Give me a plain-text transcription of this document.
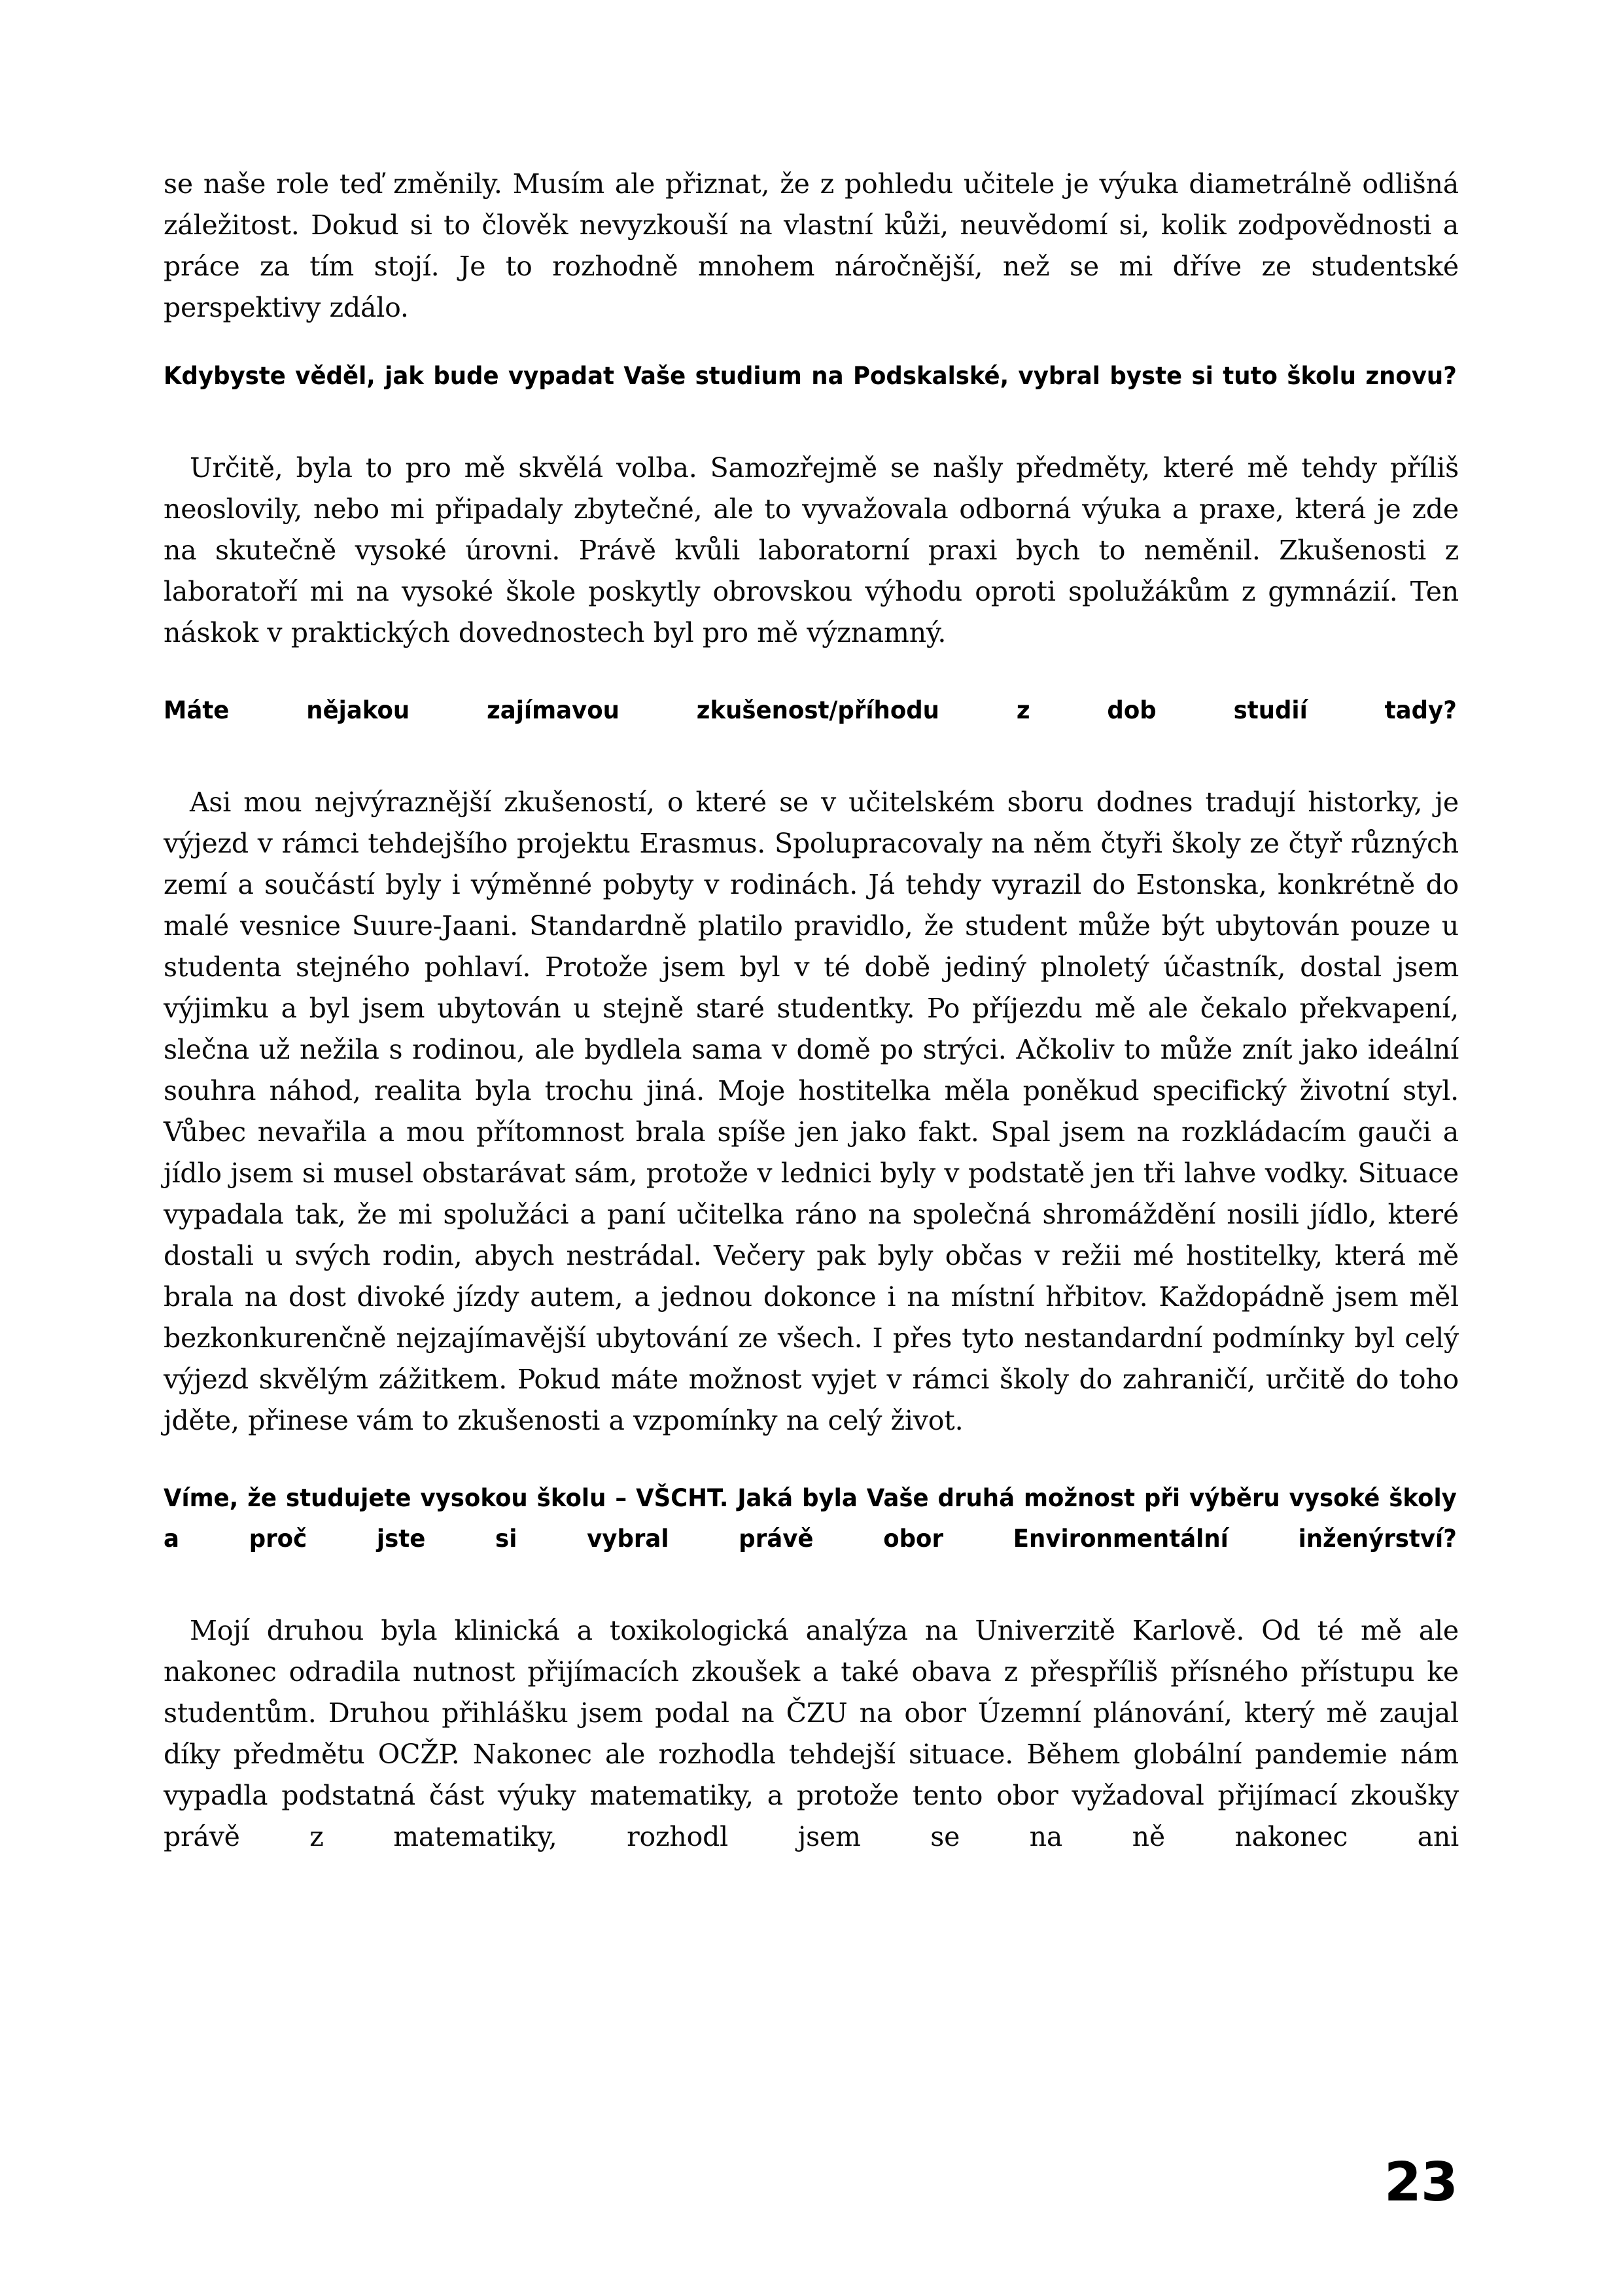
se naše role teď změnily. Musím ale přiznat, že z pohledu učitele je výuka diametrálně odlišná záležitost. Dokud si to člověk nevyzkouší na vlastní kůži, neuvědomí si, kolik zodpovědnosti a práce za tím stojí. Je to rozhodně mnohem náročnější, než se mi dříve ze studentské perspektivy zdálo.

Kdybyste věděl, jak bude vypadat Vaše studium na Podskalské, vybral byste si tuto školu znovu?

Určitě, byla to pro mě skvělá volba. Samozřejmě se našly předměty, které mě tehdy příliš neoslovily, nebo mi připadaly zbytečné, ale to vyvažovala odborná výuka a praxe, která je zde na skutečně vysoké úrovni. Právě kvůli laboratorní praxi bych to neměnil. Zkušenosti z laboratoří mi na vysoké škole poskytly obrovskou výhodu oproti spolužákům z gymnázií. Ten náskok v praktických dovednostech byl pro mě významný.

Máte nějakou zajímavou zkušenost/příhodu z dob studií tady?

Asi mou nejvýraznější zkušeností, o které se v učitelském sboru dodnes tradují historky, je výjezd v rámci tehdejšího projektu Erasmus. Spolupracovaly na něm čtyři školy ze čtyř různých zemí a součástí byly i výměnné pobyty v rodinách. Já tehdy vyrazil do Estonska, konkrétně do malé vesnice Suure-Jaani. Standardně platilo pravidlo, že student může být ubytován pouze u studenta stejného pohlaví. Protože jsem byl v té době jediný plnoletý účastník, dostal jsem výjimku a byl jsem ubytován u stejně staré studentky. Po příjezdu mě ale čekalo překvapení, slečna už nežila s rodinou, ale bydlela sama v domě po strýci. Ačkoliv to může znít jako ideální souhra náhod, realita byla trochu jiná. Moje hostitelka měla poněkud specifický životní styl. Vůbec nevařila a mou přítomnost brala spíše jen jako fakt. Spal jsem na rozkládacím gauči a jídlo jsem si musel obstarávat sám, protože v lednici byly v podstatě jen tři lahve vodky. Situace vypadala tak, že mi spolužáci a paní učitelka ráno na společná shromáždění nosili jídlo, které dostali u svých rodin, abych nestrádal. Večery pak byly občas v režii mé hostitelky, která mě brala na dost divoké jízdy autem, a jednou dokonce i na místní hřbitov. Každopádně jsem měl bezkonkurenčně nejzajímavější ubytování ze všech. I přes tyto nestandardní podmínky byl celý výjezd skvělým zážitkem. Pokud máte možnost vyjet v rámci školy do zahraničí, určitě do toho jděte, přinese vám to zkušenosti a vzpomínky na celý život.

Víme, že studujete vysokou školu – VŠCHT. Jaká byla Vaše druhá možnost při výběru vysoké školy a proč jste si vybral právě obor Environmentální inženýrství?

Mojí druhou byla klinická a toxikologická analýza na Univerzitě Karlově. Od té mě ale nakonec odradila nutnost přijímacích zkoušek a také obava z přespříliš přísného přístupu ke studentům. Druhou přihlášku jsem podal na ČZU na obor Územní plánování, který mě zaujal díky předmětu OCŽP. Nakonec ale rozhodla tehdejší situace. Během globální pandemie nám vypadla podstatná část výuky matematiky, a protože tento obor vyžadoval přijímací zkoušky právě z matematiky, rozhodl jsem se na ně nakonec ani

23
